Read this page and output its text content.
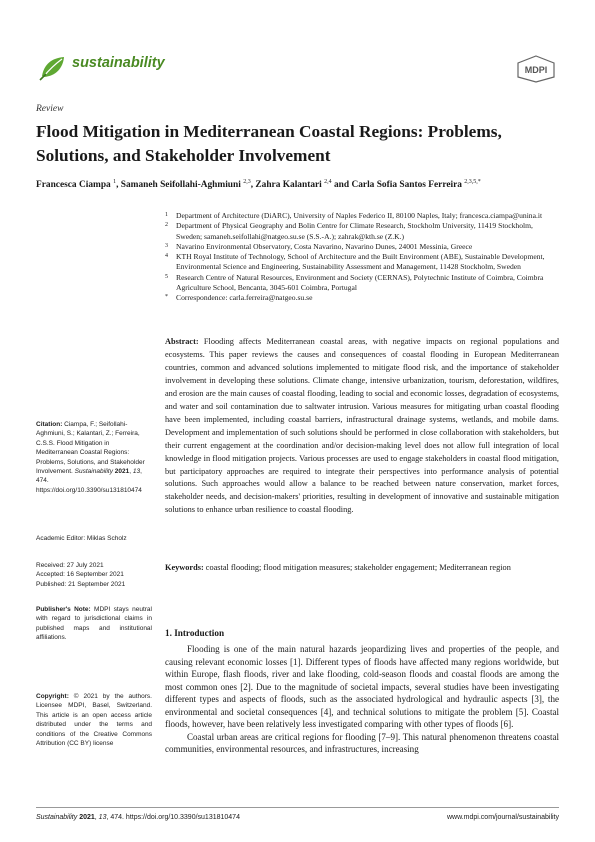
sustainability	MDPI
Review
Flood Mitigation in Mediterranean Coastal Regions: Problems, Solutions, and Stakeholder Involvement
Francesca Ciampa $^1$, Samaneh Seifollahi-Aghmiuni $^{2,3}$, Zahra Kalantari $^{2,4}$ and Carla Sofia Santos Ferreira $^{2,3,5,*}$
1 Department of Architecture (DiARC), University of Naples Federico II, 80100 Naples, Italy; francesca.ciampa@unina.it
2 Department of Physical Geography and Bolin Centre for Climate Research, Stockholm University, 11419 Stockholm, Sweden; samaneh.seifollahi@natgeo.su.se (S.S.-A.); zahrak@kth.se (Z.K.)
3 Navarino Environmental Observatory, Costa Navarino, Navarino Dunes, 24001 Messinia, Greece
4 KTH Royal Institute of Technology, School of Architecture and the Built Environment (ABE), Sustainable Development, Environmental Science and Engineering, Sustainability Assessment and Management, 11428 Stockholm, Sweden
5 Research Centre of Natural Resources, Environment and Society (CERNAS), Polytechnic Institute of Coimbra, Coimbra Agriculture School, Bencanta, 3045-601 Coimbra, Portugal
* Correspondence: carla.ferreira@natgeo.su.se
Abstract: Flooding affects Mediterranean coastal areas, with negative impacts on regional populations and ecosystems. This paper reviews the causes and consequences of coastal flooding in European Mediterranean countries, common and advanced solutions implemented to mitigate flood risk, and the importance of stakeholder involvement in developing these solutions. Climate change, intensive urbanization, tourism, deforestation, wildfires, and erosion are the main causes of coastal flooding, leading to social and economic losses, degradation of ecosystems, and water and soil contamination due to saltwater intrusion. Various measures for mitigating urban coastal flooding have been implemented, including coastal barriers, infrastructural drainage systems, wetlands, and mobile dams. Development and implementation of such solutions should be performed in close collaboration with stakeholders, but their current engagement at the coordination and/or decision-making level does not allow full integration of local knowledge in flood mitigation projects. Various processes are used to engage stakeholders in coastal flood mitigation, but participatory approaches are required to integrate their perspectives into performance analysis of potential solutions. Such approaches would allow a balance to be reached between nature conservation, market forces, stakeholder needs, and decision-makers' priorities, resulting in development of innovative and sustainable mitigation solutions to enhance urban resilience to coastal flooding.
Keywords: coastal flooding; flood mitigation measures; stakeholder engagement; Mediterranean region
Citation: Ciampa, F.; Seifollahi-Aghmiuni, S.; Kalantari, Z.; Ferreira, C.S.S. Flood Mitigation in Mediterranean Coastal Regions: Problems, Solutions, and Stakeholder Involvement. Sustainability 2021, 13, 474. https://doi.org/10.3390/su131810474
Academic Editor: Miklas Scholz
Received: 27 July 2021
Accepted: 16 September 2021
Published: 21 September 2021
Publisher's Note: MDPI stays neutral with regard to jurisdictional claims in published maps and institutional affiliations.
Copyright: © 2021 by the authors. Licensee MDPI, Basel, Switzerland. This article is an open access article distributed under the terms and conditions of the Creative Commons Attribution (CC BY) license
1. Introduction

Flooding is one of the main natural hazards jeopardizing lives and properties of the people, and causing relevant economic losses [1]. Different types of floods have affected many regions worldwide, but within Europe, flash floods, river and lake flooding, cold-season floods and coastal floods are among the most common ones [2]. Due to the magnitude of societal impacts, several studies have been investigating different types and aspects of floods, such as the associated hydrological and hydraulic aspects [3], the environmental and societal consequences [4], and technical solutions to mitigate the problem [5]. Coastal floods, however, have been relatively less investigated comparing with other types of floods [6].

Coastal urban areas are critical regions for flooding [7–9]. This natural phenomenon threatens coastal communities, environmental resources, and infrastructures, increasing

Sustainability 2021, 13, 474. https://doi.org/10.3390/su131810474	www.mdpi.com/journal/sustainability
